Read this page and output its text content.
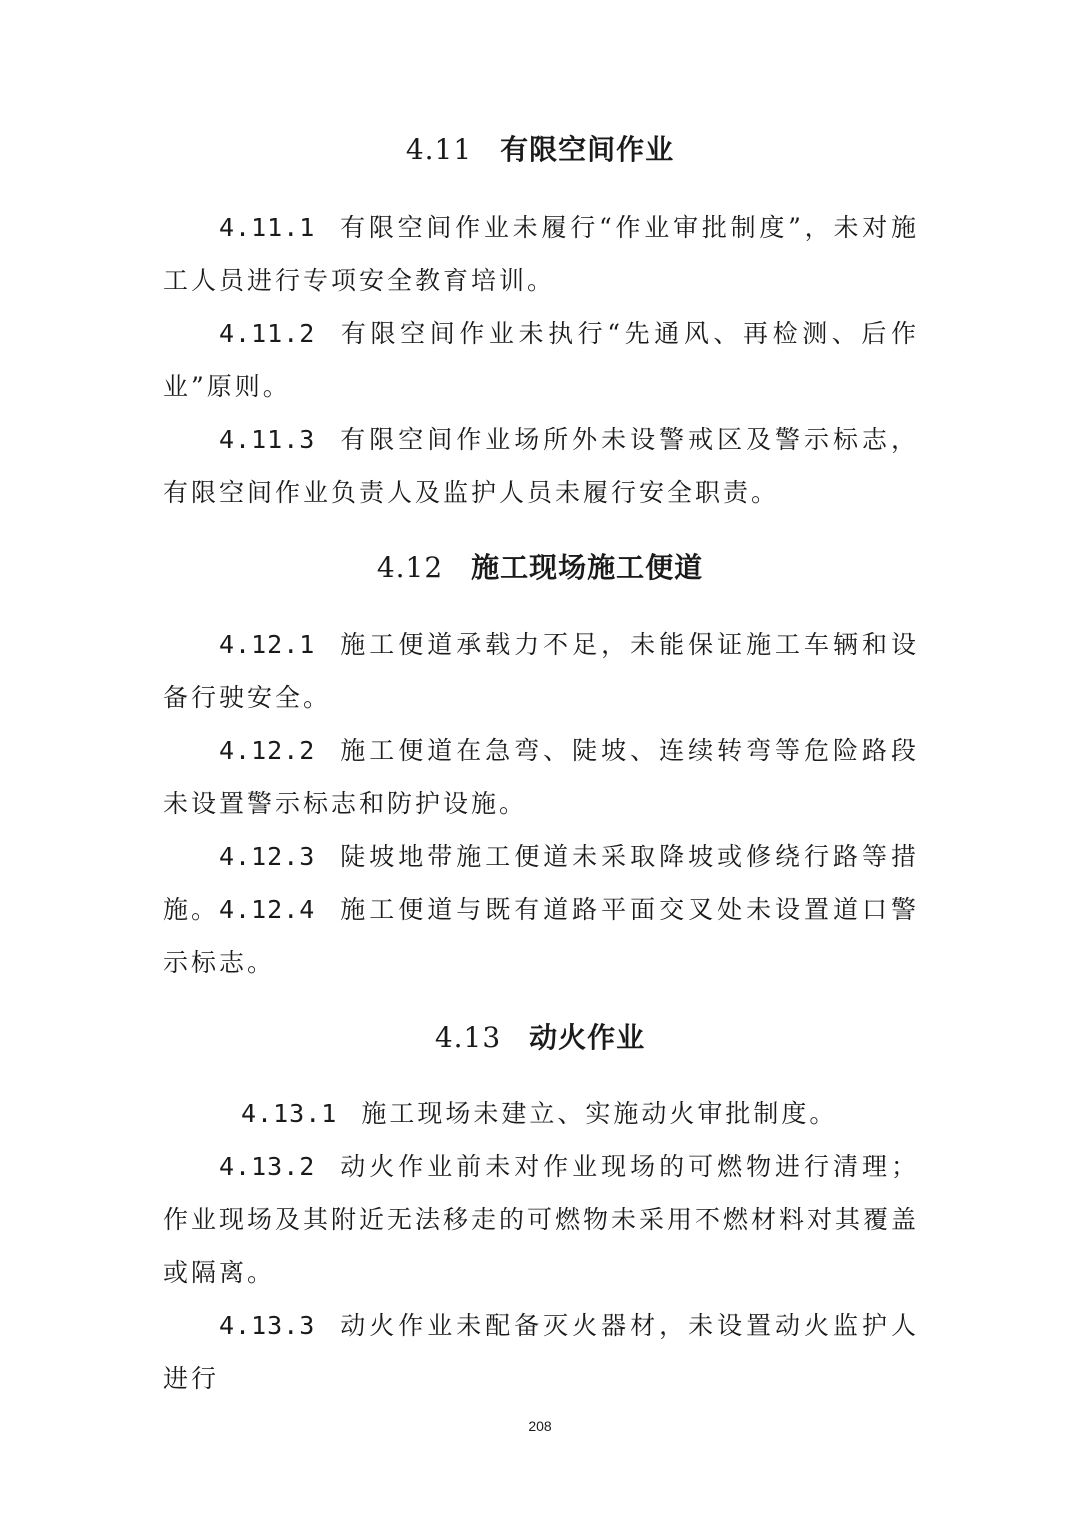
4.11 有限空间作业

4.11.1 有限空间作业未履行“作业审批制度”，未对施工人员进行专项安全教育培训。

4.11.2 有限空间作业未执行“先通风、再检测、后作业”原则。

4.11.3 有限空间作业场所外未设警戒区及警示标志，有限空间作业负责人及监护人员未履行安全职责。

4.12 施工现场施工便道

4.12.1 施工便道承载力不足，未能保证施工车辆和设备行驶安全。

4.12.2 施工便道在急弯、陡坡、连续转弯等危险路段未设置警示标志和防护设施。

4.12.3 陡坡地带施工便道未采取降坡或修绕行路等措施。 4.12.4 施工便道与既有道路平面交叉处未设置道口警示标志。

4.13 动火作业

4.13.1 施工现场未建立、实施动火审批制度。

4.13.2 动火作业前未对作业现场的可燃物进行清理；作业现场及其附近无法移走的可燃物未采用不燃材料对其覆盖或隔离。

4.13.3 动火作业未配备灭火器材，未设置动火监护人进行

208
